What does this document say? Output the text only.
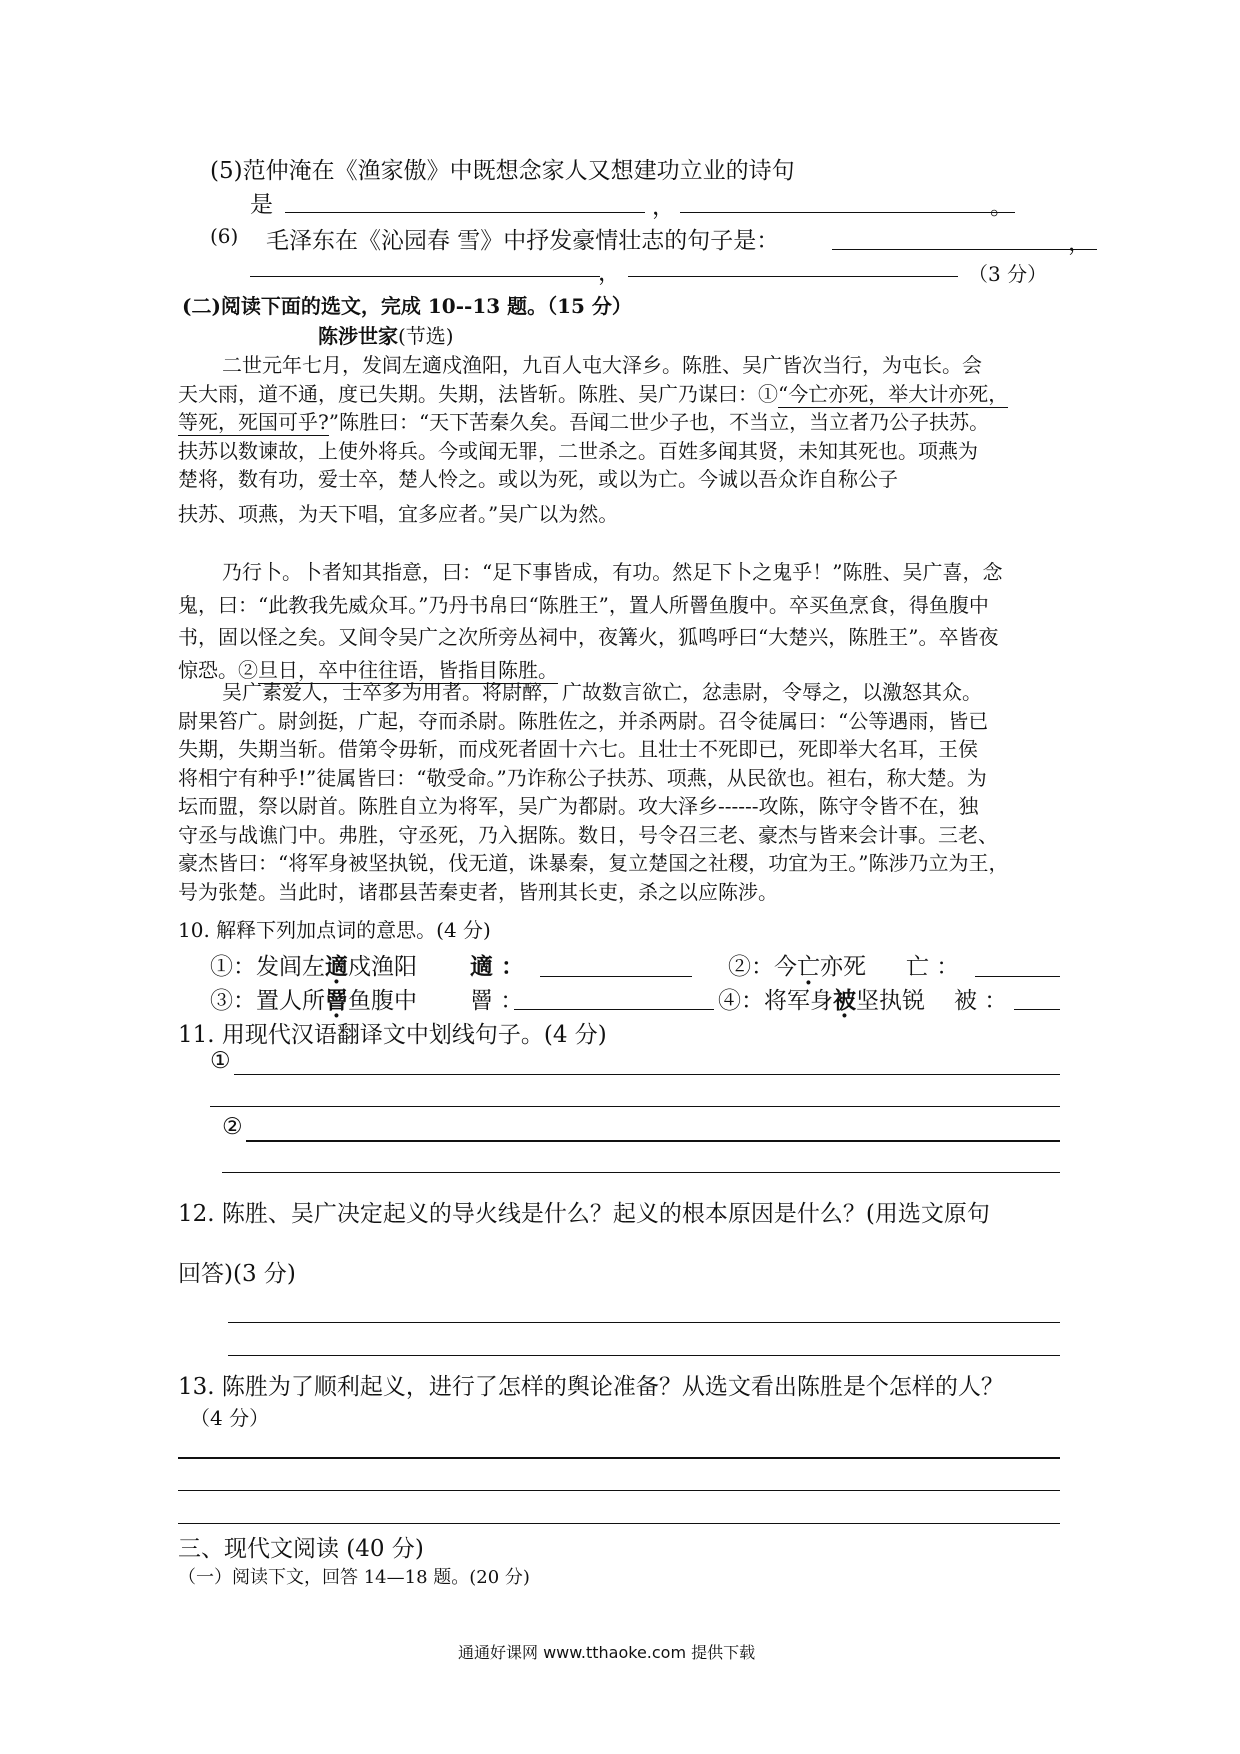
(5)范仲淹在《渔家傲》中既想念家人又想建功立业的诗句
是	，	。
(6) 毛泽东在《沁园春 雪》中抒发豪情壮志的句子是：	，
，	（3 分）
(二)阅读下面的选文，完成 10--13 题。（15 分）
陈涉世家(节选)
二世元年七月，发闾左適戍渔阳，九百人屯大泽乡。陈胜、吴广皆次当行，为屯长。会
天大雨，道不通，度已失期。失期，法皆斩。陈胜、吴广乃谋曰：①“今亡亦死，举大计亦死，
等死，死国可乎?”陈胜曰：“天下苦秦久矣。吾闻二世少子也，不当立，当立者乃公子扶苏。
扶苏以数谏故，上使外将兵。今或闻无罪，二世杀之。百姓多闻其贤，未知其死也。项燕为
楚将，数有功，爱士卒，楚人怜之。或以为死，或以为亡。今诚以吾众诈自称公子
扶苏、项燕，为天下唱，宜多应者。”吴广以为然。
乃行卜。卜者知其指意，曰：“足下事皆成，有功。然足下卜之鬼乎！”陈胜、吴广喜，念
鬼，曰：“此教我先威众耳。”乃丹书帛曰“陈胜王”，置人所罾鱼腹中。卒买鱼烹食，得鱼腹中
书，固以怪之矣。又间令吴广之次所旁丛祠中，夜篝火，狐鸣呼曰“大楚兴，陈胜王”。卒皆夜
惊恐。②旦日，卒中往往语，皆指目陈胜。
吴广素爱人，士卒多为用者。将尉醉，广故数言欲亡，忿恚尉，令辱之，以激怒其众。
尉果笞广。尉剑挺，广起，夺而杀尉。陈胜佐之，并杀两尉。召令徒属曰：“公等遇雨，皆已
失期，失期当斩。借第令毋斩，而戍死者固十六七。且壮士不死即已，死即举大名耳，王侯
将相宁有种乎!”徒属皆曰：“敬受命。”乃诈称公子扶苏、项燕，从民欲也。袒右，称大楚。为
坛而盟，祭以尉首。陈胜自立为将军，吴广为都尉。攻大泽乡------攻陈，陈守令皆不在，独
守丞与战谯门中。弗胜，守丞死，乃入据陈。数日，号令召三老、豪杰与皆来会计事。三老、
豪杰皆曰：“将军身被坚执锐，伐无道，诛暴秦，复立楚国之社稷，功宜为王。”陈涉乃立为王，
号为张楚。当此时，诸郡县苦秦吏者，皆刑其长吏，杀之以应陈涉。
10. 解释下列加点词的意思。(4 分)
①：发闾左適戍渔阳 適 ：	②：今亡亦死 亡 ：
③：置人所罾鱼腹中 罾 ：	④：将军身被坚执锐 被 ：
11. 用现代汉语翻译文中划线句子。(4 分)
①
②
12. 陈胜、吴广决定起义的导火线是什么？起义的根本原因是什么？(用选文原句
回答)(3 分)
13. 陈胜为了顺利起义，进行了怎样的舆论准备？从选文看出陈胜是个怎样的人？
（4 分）
三、现代文阅读 (40 分)
（一）阅读下文，回答 14—18 题。(20 分)
通通好课网 www.tthaoke.com 提供下载
